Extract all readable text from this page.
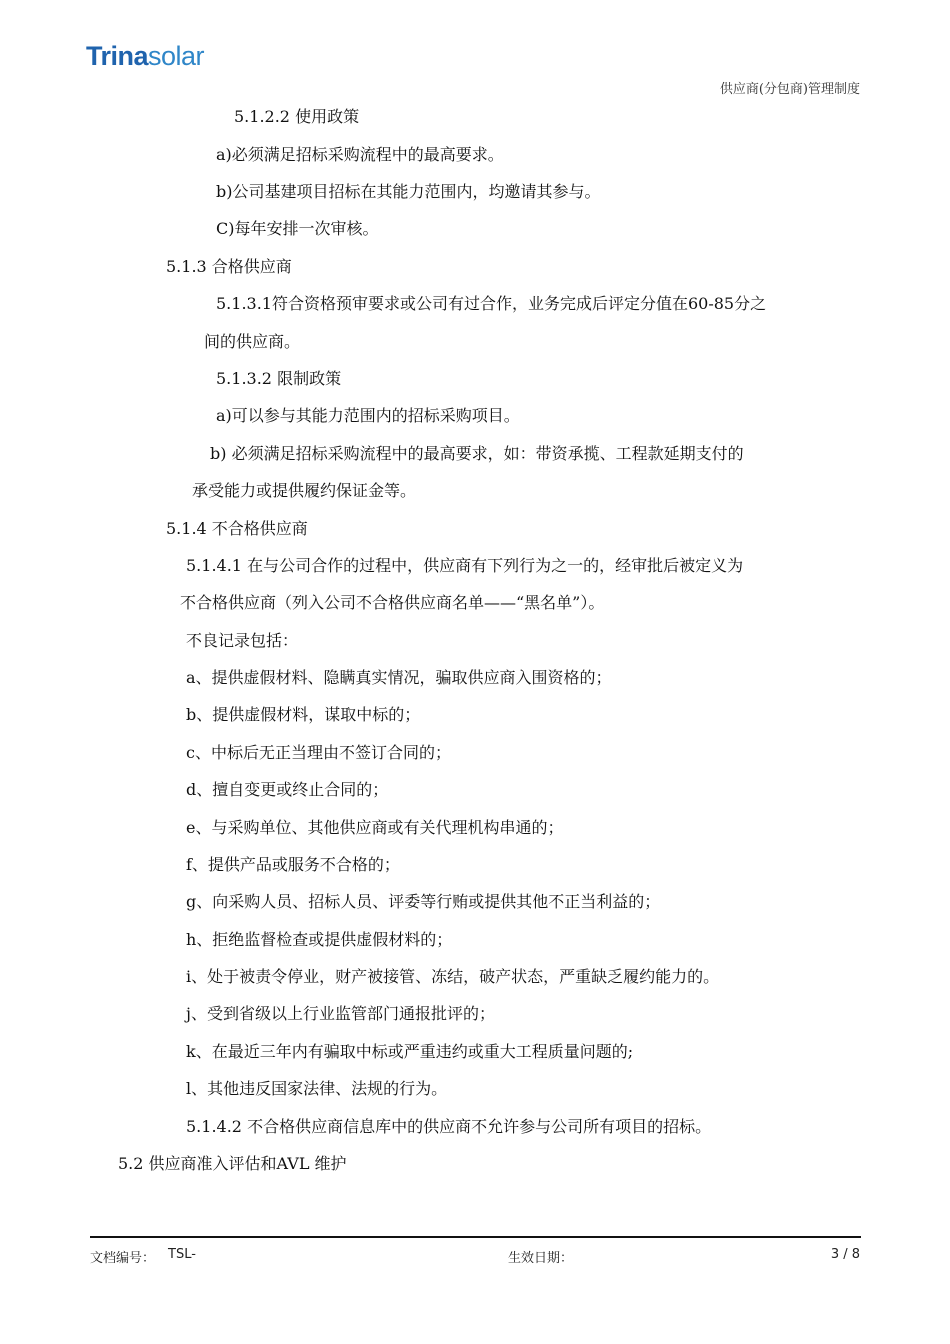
Trinasolar
供应商(分包商)管理制度
5.1.2.2 使用政策
a)必须满足招标采购流程中的最高要求。
b)公司基建项目招标在其能力范围内，均邀请其参与。
C)每年安排一次审核。
5.1.3 合格供应商
5.1.3.1符合资格预审要求或公司有过合作，业务完成后评定分值在60-85分之
间的供应商。
5.1.3.2 限制政策
a)可以参与其能力范围内的招标采购项目。
b) 必须满足招标采购流程中的最高要求，如：带资承揽、工程款延期支付的
承受能力或提供履约保证金等。
5.1.4 不合格供应商
5.1.4.1 在与公司合作的过程中，供应商有下列行为之一的，经审批后被定义为
不合格供应商（列入公司不合格供应商名单——“黑名单”）。
不良记录包括：
a、提供虚假材料、隐瞒真实情况，骗取供应商入围资格的；
b、提供虚假材料，谋取中标的；
c、中标后无正当理由不签订合同的；
d、擅自变更或终止合同的；
e、与采购单位、其他供应商或有关代理机构串通的；
f、提供产品或服务不合格的；
g、向采购人员、招标人员、评委等行贿或提供其他不正当利益的；
h、拒绝监督检查或提供虚假材料的；
i、处于被责令停业，财产被接管、冻结，破产状态，严重缺乏履约能力的。
j、受到省级以上行业监管部门通报批评的；
k、在最近三年内有骗取中标或严重违约或重大工程质量问题的;
l、其他违反国家法律、法规的行为。
5.1.4.2 不合格供应商信息库中的供应商不允许参与公司所有项目的招标。
5.2 供应商准入评估和AVL 维护
文档编号： TSL-	生效日期：	3 / 8
